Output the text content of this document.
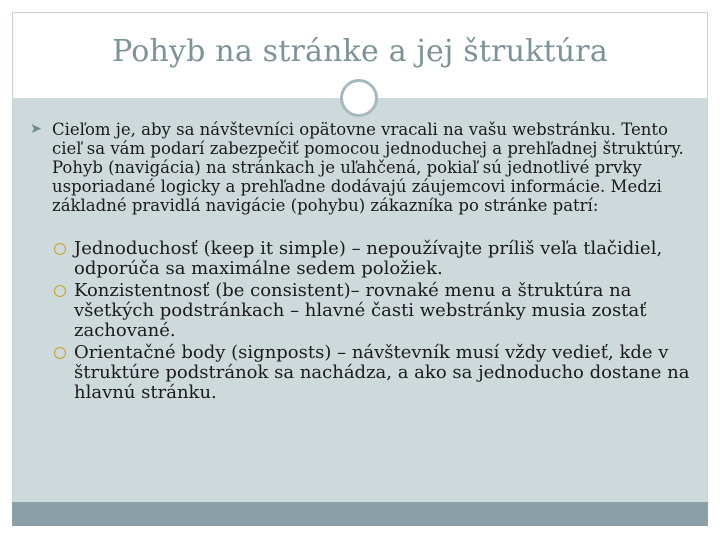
Pohyb na stránke a jej štruktúra
➤ Cieľom je, aby sa návštevníci opätovne vracali na vašu webstránku. Tento cieľ sa vám podarí zabezpečiť pomocou jednoduchej a prehľadnej štruktúry. Pohyb (navigácia) na stránkach je uľahčená, pokiaľ sú jednotlivé prvky usporiadané logicky a prehľadne dodávajú záujemcovi informácie. Medzi základné pravidlá navigácie (pohybu) zákazníka po stránke patrí:
Jednoduchosť (keep it simple) – nepoužívajte príliš veľa tlačidiel, odporúča sa maximálne sedem položiek.
Konzistentnosť (be consistent)– rovnaké menu a štruktúra na všetkých podstránkach – hlavné časti webstránky musia zostať zachované.
Orientačné body (signposts) – návštevník musí vždy vedieť, kde v štruktúre podstránok sa nachádza, a ako sa jednoducho dostane na hlavnú stránku.
